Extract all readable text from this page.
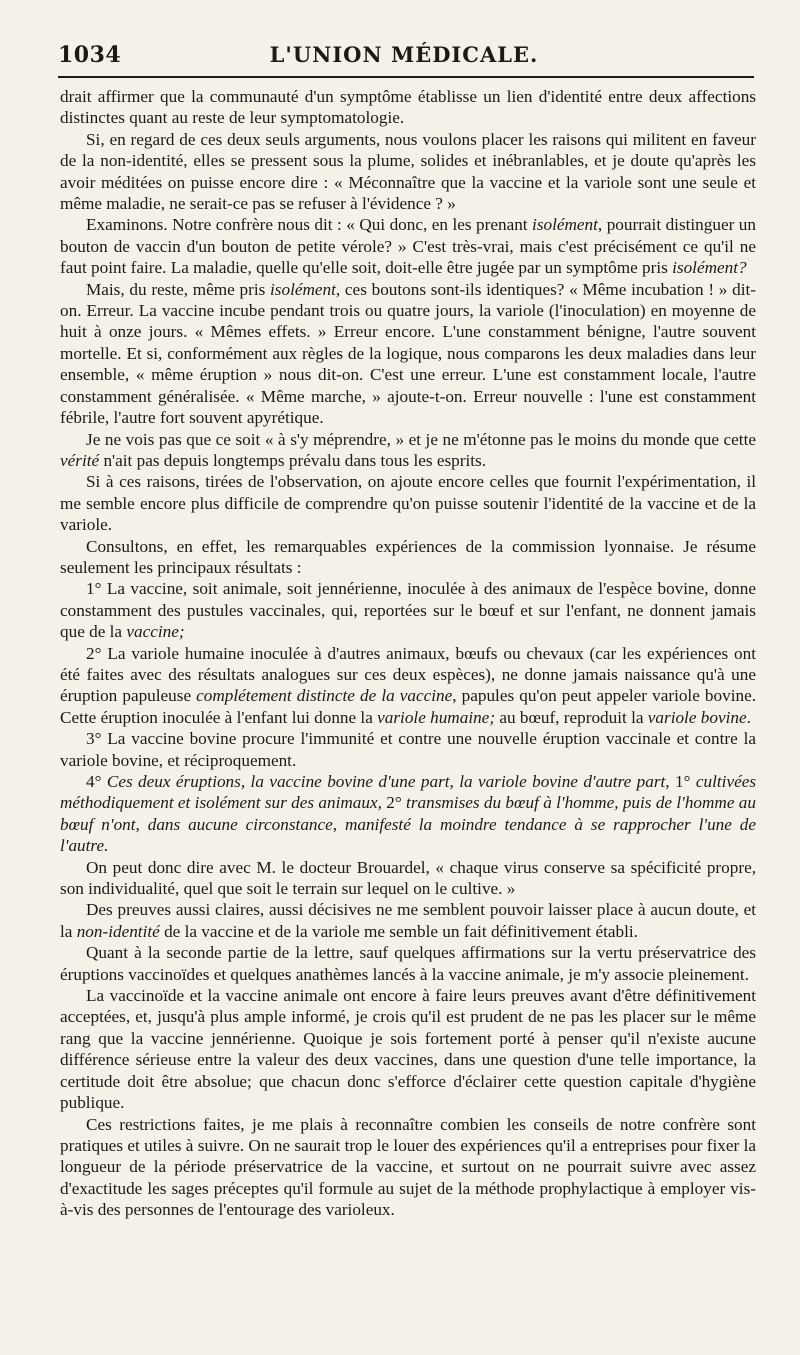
1034	L'UNION MÉDICALE.

drait affirmer que la communauté d'un symptôme établisse un lien d'identité entre deux affections distinctes quant au reste de leur symptomatologie.

Si, en regard de ces deux seuls arguments, nous voulons placer les raisons qui militent en faveur de la non-identité, elles se pressent sous la plume, solides et inébranlables, et je doute qu'après les avoir méditées on puisse encore dire : « Méconnaître que la vaccine et la variole sont une seule et même maladie, ne serait-ce pas se refuser à l'évidence ? »

Examinons. Notre confrère nous dit : « Qui donc, en les prenant isolément, pourrait distinguer un bouton de vaccin d'un bouton de petite vérole? » C'est très-vrai, mais c'est précisément ce qu'il ne faut point faire. La maladie, quelle qu'elle soit, doit-elle être jugée par un symptôme pris isolément?

Mais, du reste, même pris isolément, ces boutons sont-ils identiques? « Même incubation ! » dit-on. Erreur. La vaccine incube pendant trois ou quatre jours, la variole (l'inoculation) en moyenne de huit à onze jours. « Mêmes effets. » Erreur encore. L'une constamment bénigne, l'autre souvent mortelle. Et si, conformément aux règles de la logique, nous comparons les deux maladies dans leur ensemble, « même éruption » nous dit-on. C'est une erreur. L'une est constamment locale, l'autre constamment généralisée. « Même marche, » ajoute-t-on. Erreur nouvelle : l'une est constamment fébrile, l'autre fort souvent apyrétique.

Je ne vois pas que ce soit « à s'y méprendre, » et je ne m'étonne pas le moins du monde que cette vérité n'ait pas depuis longtemps prévalu dans tous les esprits.

Si à ces raisons, tirées de l'observation, on ajoute encore celles que fournit l'expérimentation, il me semble encore plus difficile de comprendre qu'on puisse soutenir l'identité de la vaccine et de la variole.

Consultons, en effet, les remarquables expériences de la commission lyonnaise. Je résume seulement les principaux résultats :

1° La vaccine, soit animale, soit jennérienne, inoculée à des animaux de l'espèce bovine, donne constamment des pustules vaccinales, qui, reportées sur le bœuf et sur l'enfant, ne donnent jamais que de la vaccine;

2° La variole humaine inoculée à d'autres animaux, bœufs ou chevaux (car les expériences ont été faites avec des résultats analogues sur ces deux espèces), ne donne jamais naissance qu'à une éruption papuleuse complétement distincte de la vaccine, papules qu'on peut appeler variole bovine. Cette éruption inoculée à l'enfant lui donne la variole humaine; au bœuf, reproduit la variole bovine.

3° La vaccine bovine procure l'immunité et contre une nouvelle éruption vaccinale et contre la variole bovine, et réciproquement.

4° Ces deux éruptions, la vaccine bovine d'une part, la variole bovine d'autre part, 1° cultivées méthodiquement et isolément sur des animaux, 2° transmises du bœuf à l'homme, puis de l'homme au bœuf n'ont, dans aucune circonstance, manifesté la moindre tendance à se rapprocher l'une de l'autre.

On peut donc dire avec M. le docteur Brouardel, « chaque virus conserve sa spécificité propre, son individualité, quel que soit le terrain sur lequel on le cultive. »

Des preuves aussi claires, aussi décisives ne me semblent pouvoir laisser place à aucun doute, et la non-identité de la vaccine et de la variole me semble un fait définitivement établi.

Quant à la seconde partie de la lettre, sauf quelques affirmations sur la vertu préservatrice des éruptions vaccinoïdes et quelques anathèmes lancés à la vaccine animale, je m'y associe pleinement.

La vaccinoïde et la vaccine animale ont encore à faire leurs preuves avant d'être définitivement acceptées, et, jusqu'à plus ample informé, je crois qu'il est prudent de ne pas les placer sur le même rang que la vaccine jennérienne. Quoique je sois fortement porté à penser qu'il n'existe aucune différence sérieuse entre la valeur des deux vaccines, dans une question d'une telle importance, la certitude doit être absolue; que chacun donc s'efforce d'éclairer cette question capitale d'hygiène publique.

Ces restrictions faites, je me plais à reconnaître combien les conseils de notre confrère sont pratiques et utiles à suivre. On ne saurait trop le louer des expériences qu'il a entreprises pour fixer la longueur de la période préservatrice de la vaccine, et surtout on ne pourrait suivre avec assez d'exactitude les sages préceptes qu'il formule au sujet de la méthode prophylactique à employer vis-à-vis des personnes de l'entourage des varioleux.
